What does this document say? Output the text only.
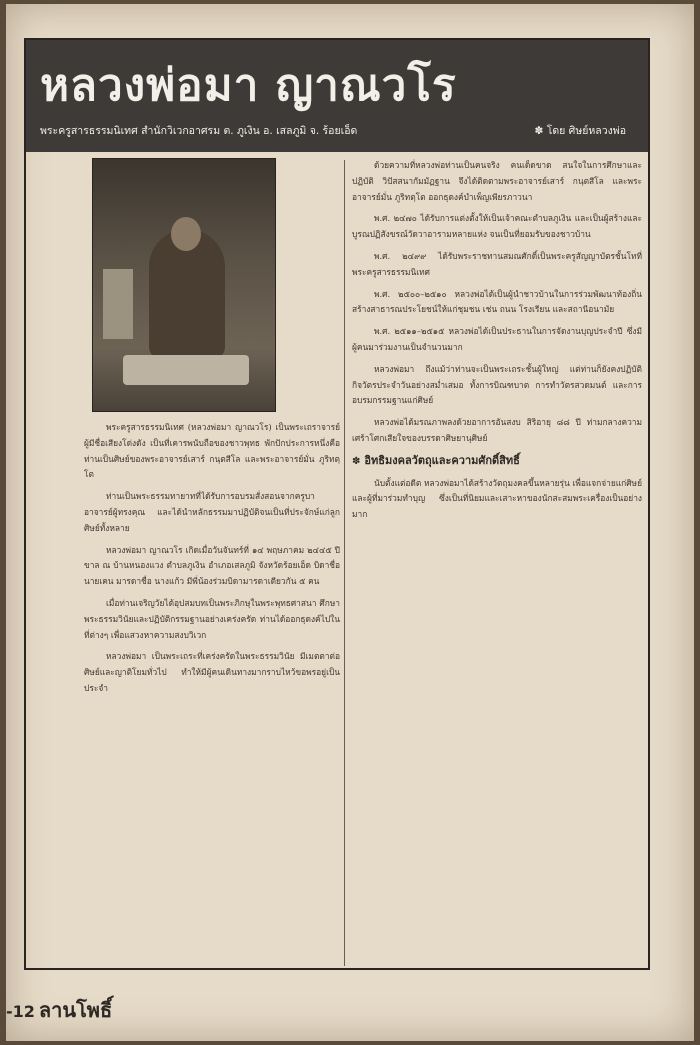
หลวงพ่อมา ญาณวโร
พระครูสารธรรมนิเทศ สำนักวิเวกอาศรม ต. ภูเงิน อ. เสลภูมิ จ. ร้อยเอ็ด	✽ โดย ศิษย์หลวงพ่อ

พระครูสารธรรมนิเทศ (หลวงพ่อมา ญาณวโร) เป็นพระเถราจารย์ผู้มีชื่อเสียงโด่งดัง เป็นที่เคารพนับถือของชาวพุทธ พักปักประการหนึ่งคือท่านเป็นศิษย์ของพระอาจารย์เสาร์ กนฺตสีโล และพระอาจารย์มั่น ภูริทตฺโต

ท่านเป็นพระธรรมทายาทที่ได้รับการอบรมสั่งสอนจากครูบาอาจารย์ผู้ทรงคุณ และได้นำหลักธรรมมาปฏิบัติจนเป็นที่ประจักษ์แก่ลูกศิษย์ทั้งหลาย

หลวงพ่อมา ญาณวโร เกิดเมื่อวันจันทร์ที่ ๑๔ พฤษภาคม ๒๔๔๕ ปีขาล ณ บ้านหนองแวง ตำบลภูเงิน อำเภอเสลภูมิ จังหวัดร้อยเอ็ด บิดาชื่อ นายเคน มารดาชื่อ นางแก้ว มีพี่น้องร่วมบิดามารดาเดียวกัน ๕ คน

เมื่อท่านเจริญวัยได้อุปสมบทเป็นพระภิกษุในพระพุทธศาสนา ศึกษาพระธรรมวินัยและปฏิบัติกรรมฐานอย่างเคร่งครัด ท่านได้ออกธุดงค์ไปในที่ต่างๆ เพื่อแสวงหาความสงบวิเวก

หลวงพ่อมา เป็นพระเถระที่เคร่งครัดในพระธรรมวินัย มีเมตตาต่อศิษย์และญาติโยมทั่วไป ทำให้มีผู้คนเดินทางมากราบไหว้ขอพรอยู่เป็นประจำ

ด้วยความที่หลวงพ่อท่านเป็นคนจริง คนเด็ดขาด สนใจในการศึกษาและปฏิบัติ วิปัสสนากัมมัฏฐาน จึงได้ติดตามพระอาจารย์เสาร์ กนฺตสีโล และพระอาจารย์มั่น ภูริทตฺโต ออกธุดงค์บำเพ็ญเพียรภาวนา

พ.ศ. ๒๔๗๐ ได้รับการแต่งตั้งให้เป็นเจ้าคณะตำบลภูเงิน และเป็นผู้สร้างและบูรณปฏิสังขรณ์วัดวาอารามหลายแห่ง จนเป็นที่ยอมรับของชาวบ้าน

พ.ศ. ๒๔๙๙ ได้รับพระราชทานสมณศักดิ์เป็นพระครูสัญญาบัตรชั้นโทที่ พระครูสารธรรมนิเทศ

พ.ศ. ๒๕๐๐–๒๕๑๐ หลวงพ่อได้เป็นผู้นำชาวบ้านในการร่วมพัฒนาท้องถิ่น สร้างสาธารณประโยชน์ให้แก่ชุมชน เช่น ถนน โรงเรียน และสถานีอนามัย

พ.ศ. ๒๕๑๑–๒๕๑๕ หลวงพ่อได้เป็นประธานในการจัดงานบุญประจำปี ซึ่งมีผู้คนมาร่วมงานเป็นจำนวนมาก

หลวงพ่อมา ถึงแม้ว่าท่านจะเป็นพระเถระชั้นผู้ใหญ่ แต่ท่านก็ยังคงปฏิบัติกิจวัตรประจำวันอย่างสม่ำเสมอ ทั้งการบิณฑบาต การทำวัตรสวดมนต์ และการอบรมกรรมฐานแก่ศิษย์

หลวงพ่อได้มรณภาพลงด้วยอาการอันสงบ สิริอายุ ๘๘ ปี ท่ามกลางความเศร้าโศกเสียใจของบรรดาศิษยานุศิษย์

✽ อิทธิมงคลวัตถุและความศักดิ์สิทธิ์

นับตั้งแต่อดีต หลวงพ่อมาได้สร้างวัตถุมงคลขึ้นหลายรุ่น เพื่อแจกจ่ายแก่ศิษย์และผู้ที่มาร่วมทำบุญ ซึ่งเป็นที่นิยมและเสาะหาของนักสะสมพระเครื่องเป็นอย่างมาก

-12 ลานโพธิ์
